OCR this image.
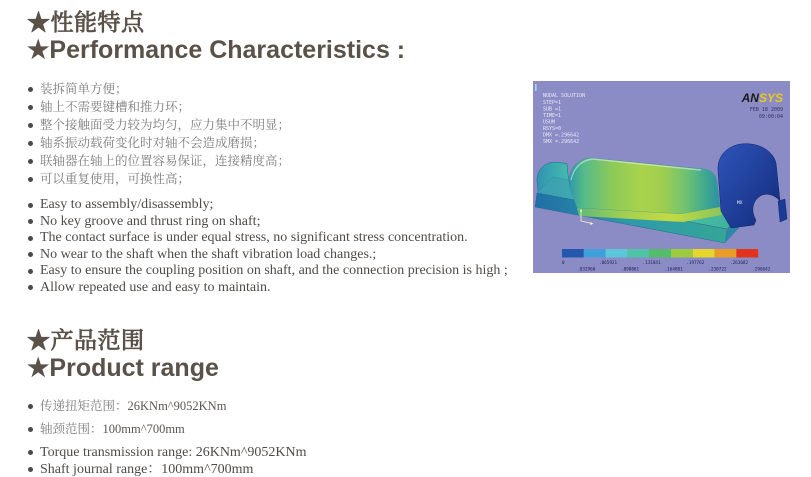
★性能特点
★Performance Characteristics :
装拆简单方便；
轴上不需要键槽和推力环；
整个接触面受力较为均匀，应力集中不明显；
轴系振动载荷变化时对轴不会造成磨损；
联轴器在轴上的位置容易保证，连接精度高；
可以重复使用，可换性高；
Easy to assembly/disassembly;
No key groove and thrust ring on shaft;
The contact surface is under equal stress, no significant stress concentration.
No wear to the shaft when the shaft vibration load changes.;
Easy to ensure the coupling position on shaft, and the connection precision is high ;
Allow repeated use and easy to maintain.
★产品范围
★Product range
传递扭矩范围：26KNm^9052KNm
轴颈范围：100mm^700mm
Torque transmission range: 26KNm^9052KNm
Shaft journal range：100mm^700mm
NODAL SOLUTION
STEP=1
SUB =1
TIME=1
USUM
RSYS=0
DMX =.296642
SMX =.296642
ANSYS
FEB 18 2009
09:00:04
MX
0	.065921	.131841	.197762	.263682
.032960	.098881	.164801	.230722	.296642
